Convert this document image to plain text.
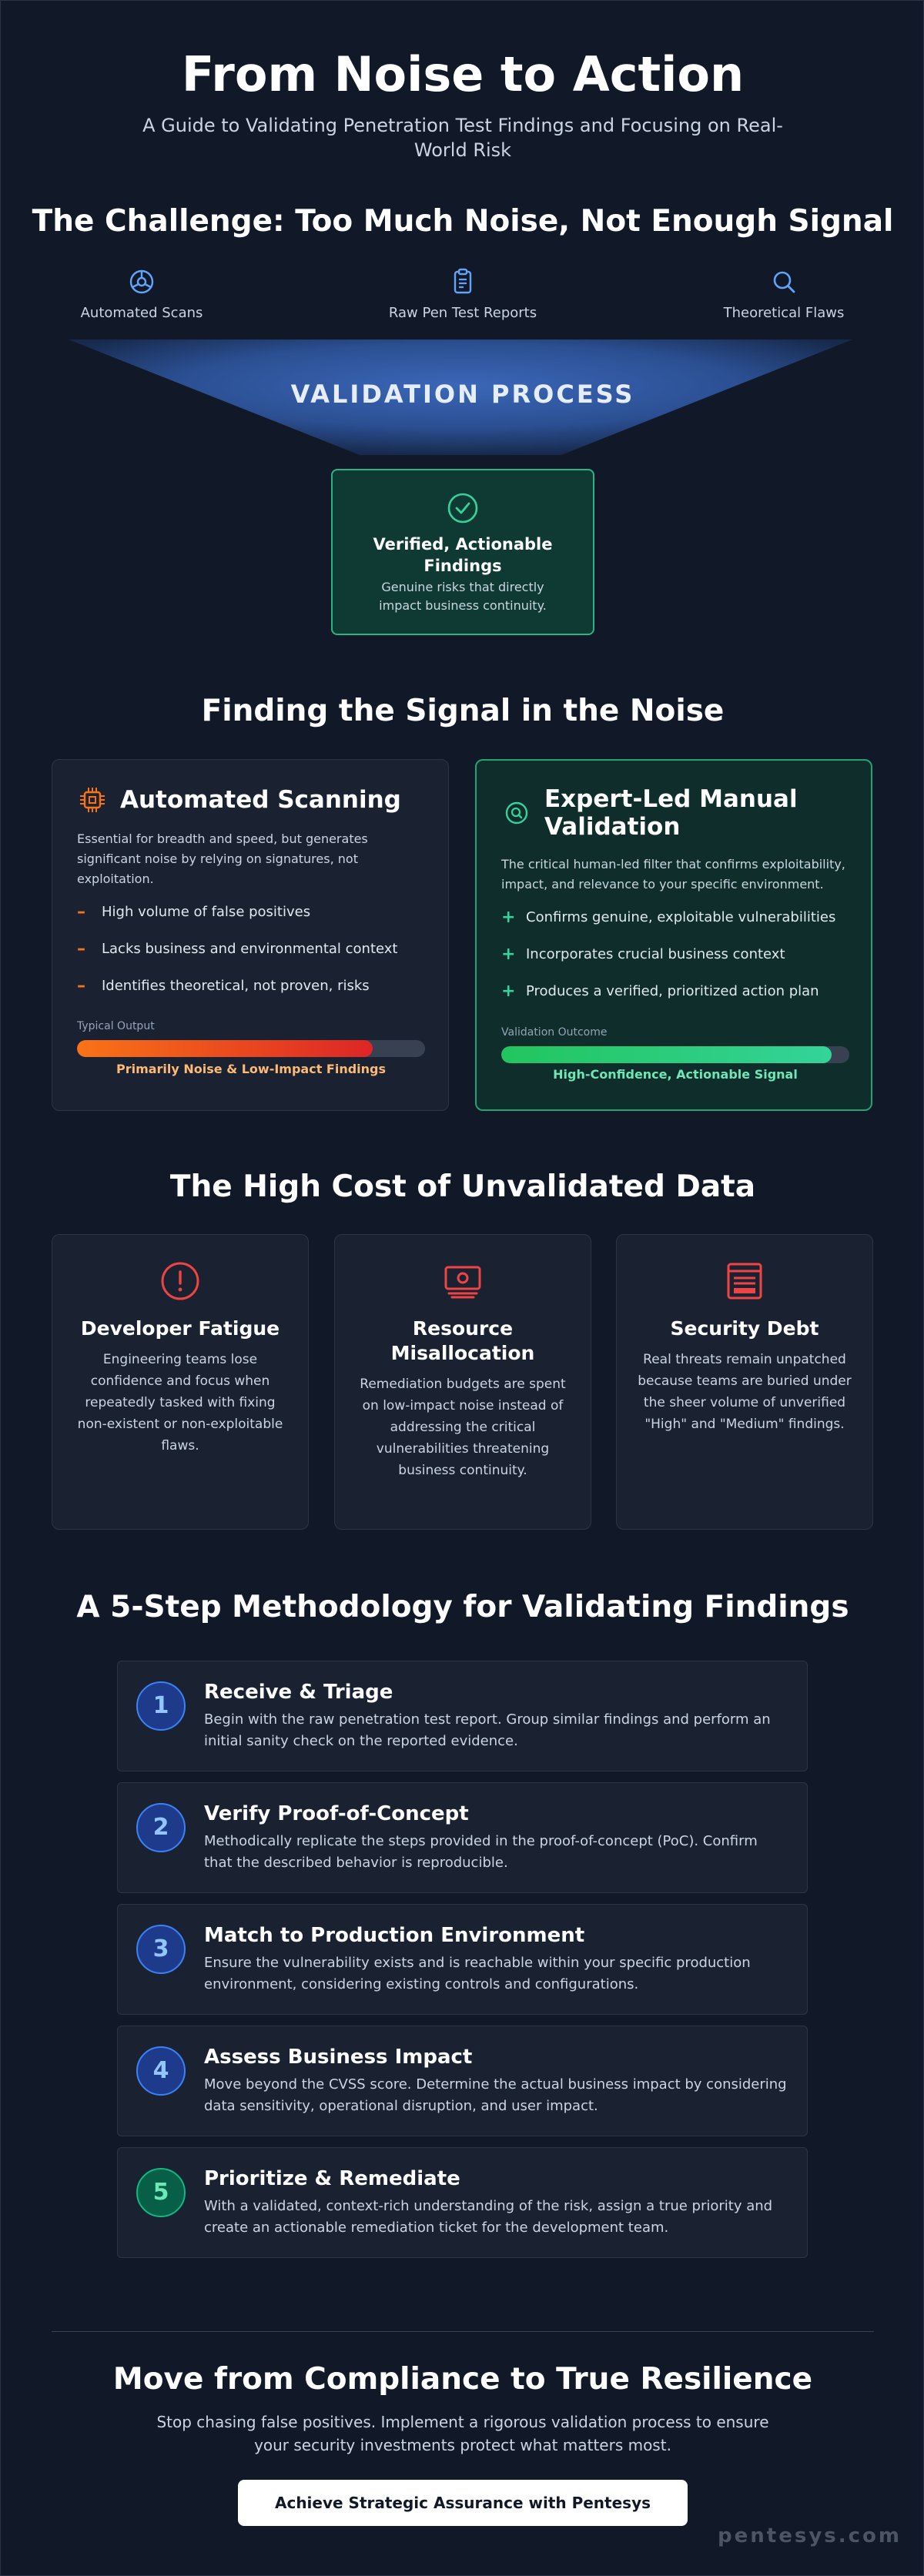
From Noise to Action

A Guide to Validating Penetration Test Findings and Focusing on Real-World Risk

The Challenge: Too Much Noise, Not Enough Signal
Automated Scans	Raw Pen Test Reports	Theoretical Flaws
VALIDATION PROCESS
Verified, Actionable Findings

Genuine risks that directly impact business continuity.

Finding the Signal in the Noise
Automated Scanning

Essential for breadth and speed, but generates significant noise by relying on signatures, not exploitation.

–	High volume of false positives
–	Lacks business and environmental context
–	Identifies theoretical, not proven, risks
Typical Output
Primarily Noise & Low-Impact Findings
Expert-Led Manual Validation

The critical human-led filter that confirms exploitability, impact, and relevance to your specific environment.

+ Confirms genuine, exploitable vulnerabilities
+ Incorporates crucial business context
+ Produces a verified, prioritized action plan
Validation Outcome
High-Confidence, Actionable Signal
The High Cost of Unvalidated Data
Developer Fatigue

Engineering teams lose confidence and focus when repeatedly tasked with fixing non-existent or non-exploitable flaws.

Resource Misallocation

Remediation budgets are spent on low-impact noise instead of addressing the critical vulnerabilities threatening business continuity.

Security Debt

Real threats remain unpatched because teams are buried under the sheer volume of unverified "High" and "Medium" findings.

A 5-Step Methodology for Validating Findings
1	Receive & Triage

Begin with the raw penetration test report. Group similar findings and perform an initial sanity check on the reported evidence.

2	Verify Proof-of-Concept

Methodically replicate the steps provided in the proof-of-concept (PoC). Confirm that the described behavior is reproducible.

3	Match to Production Environment

Ensure the vulnerability exists and is reachable within your specific production environment, considering existing controls and configurations.

4	Assess Business Impact

Move beyond the CVSS score. Determine the actual business impact by considering data sensitivity, operational disruption, and user impact.

5	Prioritize & Remediate

With a validated, context-rich understanding of the risk, assign a true priority and create an actionable remediation ticket for the development team.

Move from Compliance to True Resilience

Stop chasing false positives. Implement a rigorous validation process to ensure your security investments protect what matters most.

Achieve Strategic Assurance with Pentesys
pentesys.com
